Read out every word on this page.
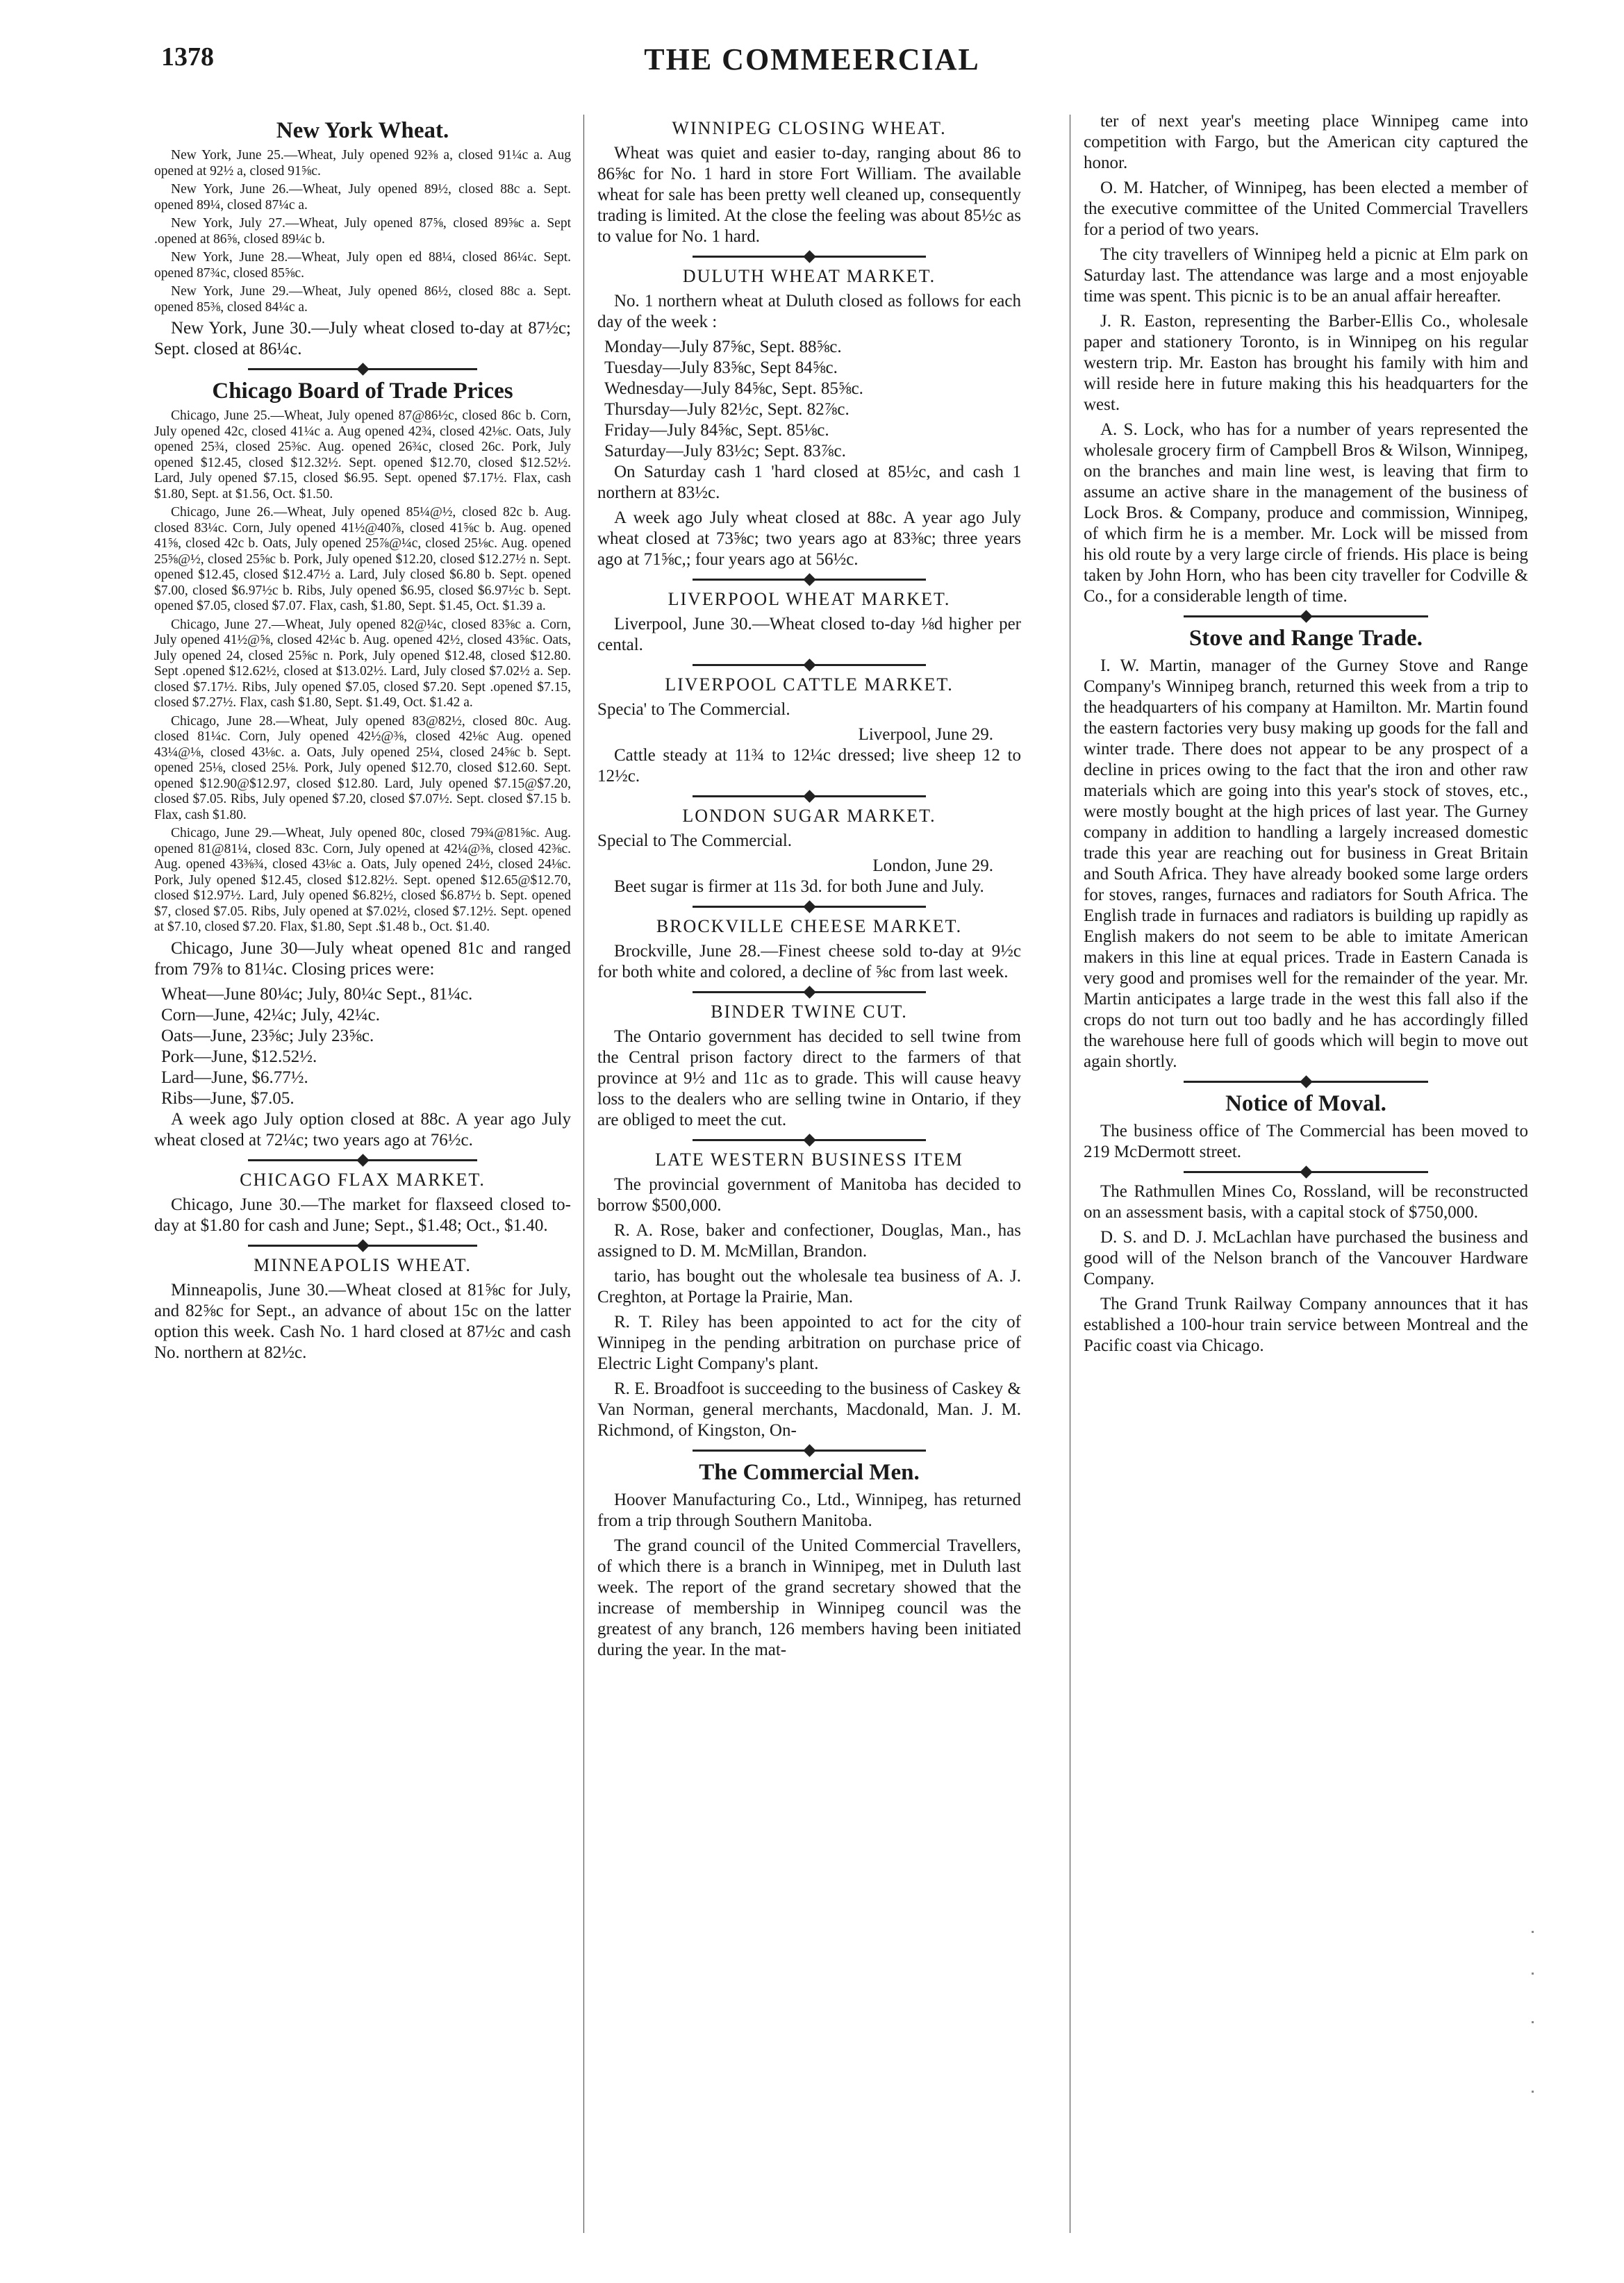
1378	THE COMMEERCIAL
New York Wheat.

New York, June 25.—Wheat, July opened 92⅜ a, closed 91¼c a. Aug opened at 92½ a, closed 91⅝c.

New York, June 26.—Wheat, July opened 89½, closed 88c a. Sept. opened 89¼, closed 87¼c a.

New York, July 27.—Wheat, July opened 87⅝, closed 89⅝c a. Sept .opened at 86⅝, closed 89¼c b.

New York, June 28.—Wheat, July open ed 88¼, closed 86¼c. Sept. opened 87¾c, closed 85⅝c.

New York, June 29.—Wheat, July opened 86½, closed 88c a. Sept. opened 85⅜, closed 84¼c a.

New York, June 30.—July wheat closed to-day at 87½c; Sept. closed at 86¼c.

Chicago Board of Trade Prices

Chicago, June 25.—Wheat, July opened 87@86½c, closed 86c b. Corn, July opened 42c, closed 41¼c a. Aug opened 42¾, closed 42⅛c. Oats, July opened 25¾, closed 25⅜c. Aug. opened 26¾c, closed 26c. Pork, July opened $12.45, closed $12.32½. Sept. opened $12.70, closed $12.52½. Lard, July opened $7.15, closed $6.95. Sept. opened $7.17½. Flax, cash $1.80, Sept. at $1.56, Oct. $1.50.

Chicago, June 26.—Wheat, July opened 85¼@½, closed 82c b. Aug. closed 83¼c. Corn, July opened 41½@40⅞, closed 41⅝c b. Aug. opened 41⅝, closed 42c b. Oats, July opened 25⅞@¼c, closed 25⅛c. Aug. opened 25⅝@½, closed 25⅝c b. Pork, July opened $12.20, closed $12.27½ n. Sept. opened $12.45, closed $12.47½ a. Lard, July closed $6.80 b. Sept. opened $7.00, closed $6.97½c b. Ribs, July opened $6.95, closed $6.97½c b. Sept. opened $7.05, closed $7.07. Flax, cash, $1.80, Sept. $1.45, Oct. $1.39 a.

Chicago, June 27.—Wheat, July opened 82@¼c, closed 83⅝c a. Corn, July opened 41½@⅝, closed 42¼c b. Aug. opened 42½, closed 43⅝c. Oats, July opened 24, closed 25⅝c n. Pork, July opened $12.48, closed $12.80. Sept .opened $12.62½, closed at $13.02½. Lard, July closed $7.02½ a. Sep. closed $7.17½. Ribs, July opened $7.05, closed $7.20. Sept .opened $7.15, closed $7.27½. Flax, cash $1.80, Sept. $1.49, Oct. $1.42 a.

Chicago, June 28.—Wheat, July opened 83@82½, closed 80c. Aug. closed 81¼c. Corn, July opened 42½@⅜, closed 42⅛c Aug. opened 43¼@⅛, closed 43⅛c. a. Oats, July opened 25¼, closed 24⅝c b. Sept. opened 25⅛, closed 25⅛. Pork, July opened $12.70, closed $12.60. Sept. opened $12.90@$12.97, closed $12.80. Lard, July opened $7.15@$7.20, closed $7.05. Ribs, July opened $7.20, closed $7.07½. Sept. closed $7.15 b. Flax, cash $1.80.

Chicago, June 29.—Wheat, July opened 80c, closed 79¾@81⅝c. Aug. opened 81@81¼, closed 83c. Corn, July opened at 42¼@⅜, closed 42⅜c. Aug. opened 43⅜¾, closed 43⅛c a. Oats, July opened 24½, closed 24⅛c. Pork, July opened $12.45, closed $12.82½. Sept. opened $12.65@$12.70, closed $12.97½. Lard, July opened $6.82½, closed $6.87½ b. Sept. opened $7, closed $7.05. Ribs, July opened at $7.02½, closed $7.12½. Sept. opened at $7.10, closed $7.20. Flax, $1.80, Sept .$1.48 b., Oct. $1.40.

Chicago, June 30—July wheat opened 81c and ranged from 79⅞ to 81¼c. Closing prices were:

Wheat—June 80¼c; July, 80¼c Sept., 81¼c.
Corn—June, 42¼c; July, 42¼c.
Oats—June, 23⅝c; July 23⅝c.
Pork—June, $12.52½.
Lard—June, $6.77½.
Ribs—June, $7.05.

A week ago July option closed at 88c. A year ago July wheat closed at 72¼c; two years ago at 76½c.

CHICAGO FLAX MARKET.

Chicago, June 30.—The market for flaxseed closed to-day at $1.80 for cash and June; Sept., $1.48; Oct., $1.40.

MINNEAPOLIS WHEAT.

Minneapolis, June 30.—Wheat closed at 81⅝c for July, and 82⅝c for Sept., an advance of about 15c on the latter option this week. Cash No. 1 hard closed at 87½c and cash No. northern at 82½c.

WINNIPEG CLOSING WHEAT.

Wheat was quiet and easier to-day, ranging about 86 to 86⅝c for No. 1 hard in store Fort William. The available wheat for sale has been pretty well cleaned up, consequently trading is limited. At the close the feeling was about 85½c as to value for No. 1 hard.

DULUTH WHEAT MARKET.

No. 1 northern wheat at Duluth closed as follows for each day of the week :

Monday—July 87⅝c, Sept. 88⅝c.
Tuesday—July 83⅝c, Sept 84⅝c.
Wednesday—July 84⅝c, Sept. 85⅝c.
Thursday—July 82½c, Sept. 82⅞c.
Friday—July 84⅝c, Sept. 85⅛c.
Saturday—July 83½c; Sept. 83⅞c.

On Saturday cash 1 'hard closed at 85½c, and cash 1 northern at 83½c.

A week ago July wheat closed at 88c. A year ago July wheat closed at 73⅝c; two years ago at 83⅜c; three years ago at 71⅝c,; four years ago at 56½c.

LIVERPOOL WHEAT MARKET.

Liverpool, June 30.—Wheat closed to-day ⅛d higher per cental.

LIVERPOOL CATTLE MARKET.
Specia' to The Commercial.
Liverpool, June 29.

Cattle steady at 11¾ to 12¼c dressed; live sheep 12 to 12½c.

LONDON SUGAR MARKET.
Special to The Commercial.
London, June 29.

Beet sugar is firmer at 11s 3d. for both June and July.

BROCKVILLE CHEESE MARKET.

Brockville, June 28.—Finest cheese sold to-day at 9½c for both white and colored, a decline of ⅝c from last week.

BINDER TWINE CUT.

The Ontario government has decided to sell twine from the Central prison factory direct to the farmers of that province at 9½ and 11c as to grade. This will cause heavy loss to the dealers who are selling twine in Ontario, if they are obliged to meet the cut.

LATE WESTERN BUSINESS ITEM

The provincial government of Manitoba has decided to borrow $500,000.

R. A. Rose, baker and confectioner, Douglas, Man., has assigned to D. M. McMillan, Brandon.

tario, has bought out the wholesale tea business of A. J. Creghton, at Portage la Prairie, Man.

R. T. Riley has been appointed to act for the city of Winnipeg in the pending arbitration on purchase price of Electric Light Company's plant.

R. E. Broadfoot is succeeding to the business of Caskey & Van Norman, general merchants, Macdonald, Man. J. M. Richmond, of Kingston, On-

The Commercial Men.

Hoover Manufacturing Co., Ltd., Winnipeg, has returned from a trip through Southern Manitoba.

The grand council of the United Commercial Travellers, of which there is a branch in Winnipeg, met in Duluth last week. The report of the grand secretary showed that the increase of membership in Winnipeg council was the greatest of any branch, 126 members having been initiated during the year. In the mat-

ter of next year's meeting place Winnipeg came into competition with Fargo, but the American city captured the honor.

O. M. Hatcher, of Winnipeg, has been elected a member of the executive committee of the United Commercial Travellers for a period of two years.

The city travellers of Winnipeg held a picnic at Elm park on Saturday last. The attendance was large and a most enjoyable time was spent. This picnic is to be an anual affair hereafter.

J. R. Easton, representing the Barber-Ellis Co., wholesale paper and stationery Toronto, is in Winnipeg on his regular western trip. Mr. Easton has brought his family with him and will reside here in future making this his headquarters for the west.

A. S. Lock, who has for a number of years represented the wholesale grocery firm of Campbell Bros & Wilson, Winnipeg, on the branches and main line west, is leaving that firm to assume an active share in the management of the business of Lock Bros. & Company, produce and commission, Winnipeg, of which firm he is a member. Mr. Lock will be missed from his old route by a very large circle of friends. His place is being taken by John Horn, who has been city traveller for Codville & Co., for a considerable length of time.

Stove and Range Trade.

I. W. Martin, manager of the Gurney Stove and Range Company's Winnipeg branch, returned this week from a trip to the headquarters of his company at Hamilton. Mr. Martin found the eastern factories very busy making up goods for the fall and winter trade. There does not appear to be any prospect of a decline in prices owing to the fact that the iron and other raw materials which are going into this year's stock of stoves, etc., were mostly bought at the high prices of last year. The Gurney company in addition to handling a largely increased domestic trade this year are reaching out for business in Great Britain and South Africa. They have already booked some large orders for stoves, ranges, furnaces and radiators for South Africa. The English trade in furnaces and radiators is building up rapidly as English makers do not seem to be able to imitate American makers in this line at equal prices. Trade in Eastern Canada is very good and promises well for the remainder of the year. Mr. Martin anticipates a large trade in the west this fall also if the crops do not turn out too badly and he has accordingly filled the warehouse here full of goods which will begin to move out again shortly.

Notice of Moval.

The business office of The Commercial has been moved to 219 McDermott street.

The Rathmullen Mines Co, Rossland, will be reconstructed on an assessment basis, with a capital stock of $750,000.

D. S. and D. J. McLachlan have purchased the business and good will of the Nelson branch of the Vancouver Hardware Company.

The Grand Trunk Railway Company announces that it has established a 100-hour train service between Montreal and the Pacific coast via Chicago.
